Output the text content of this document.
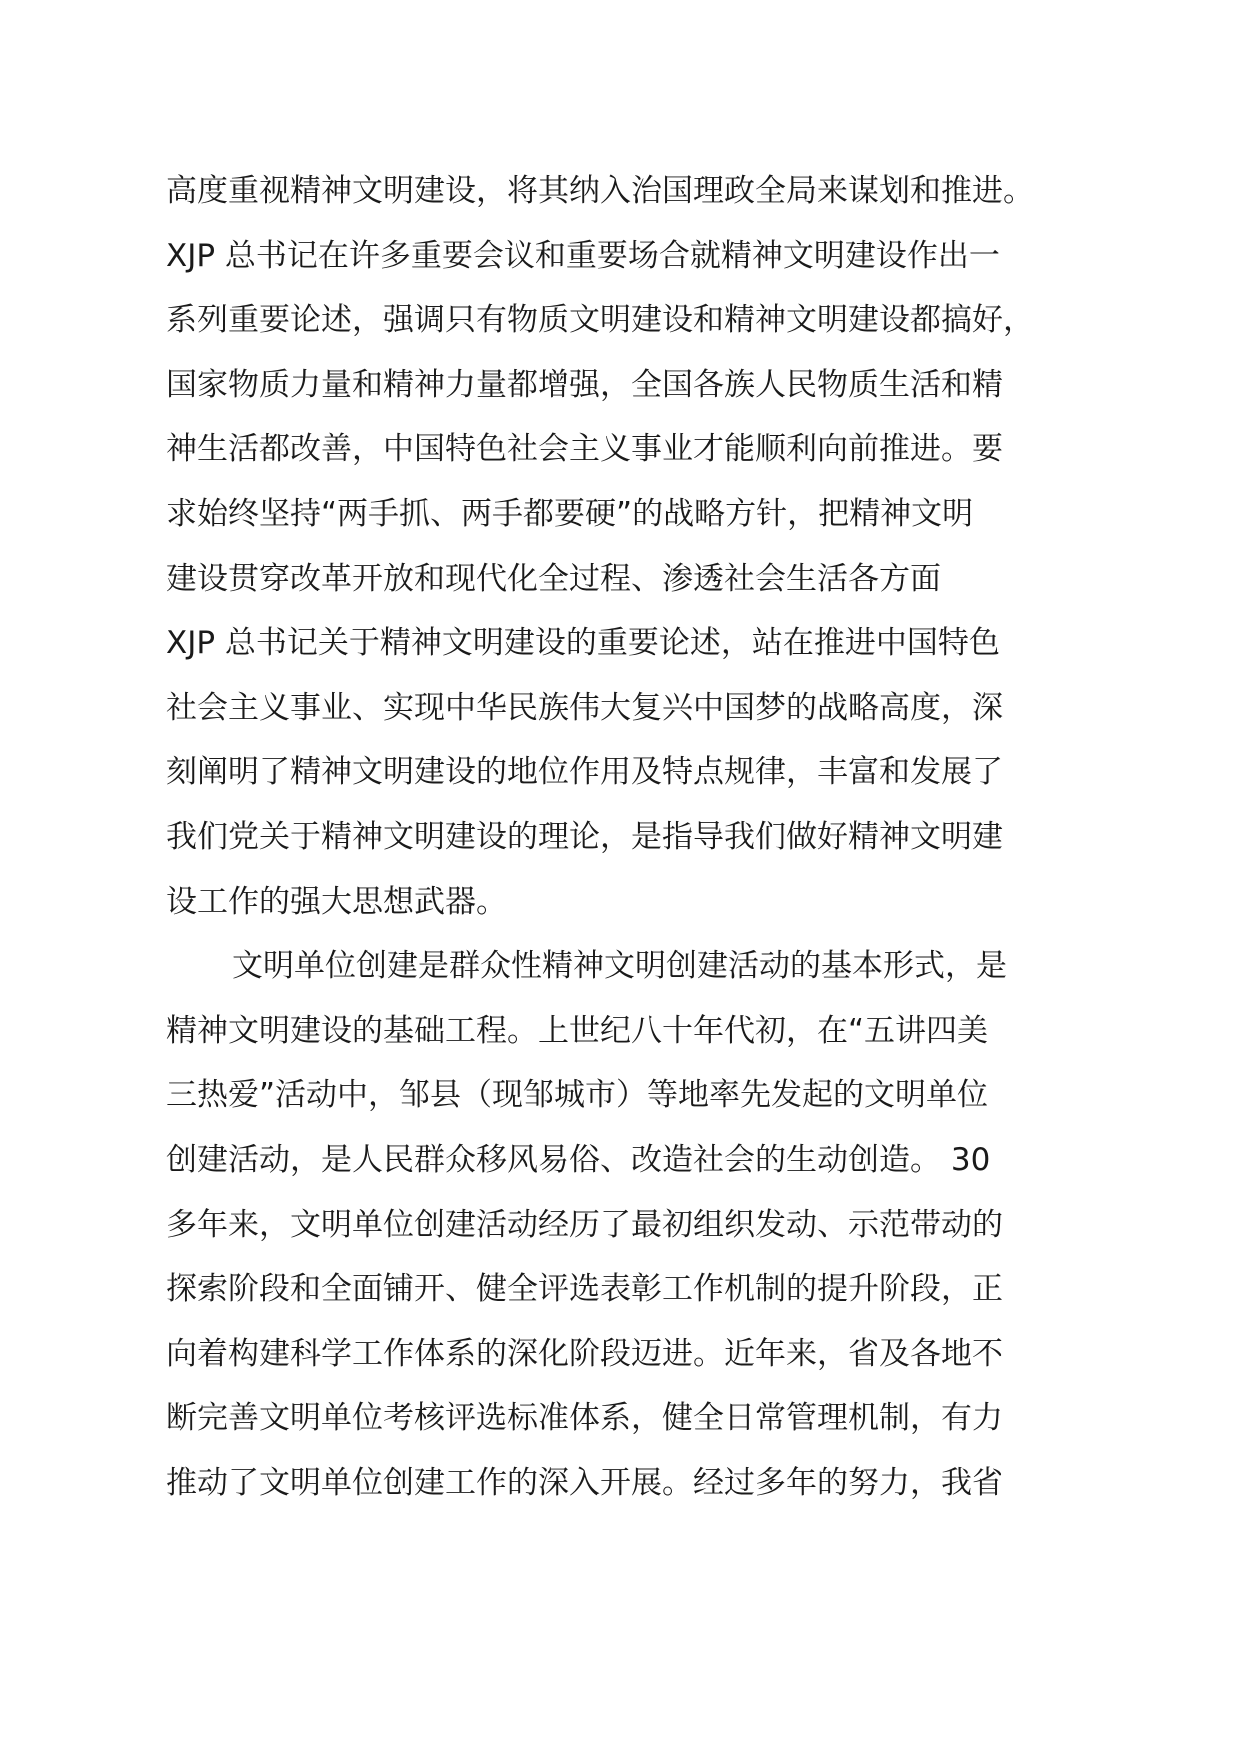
高度重视精神文明建设，将其纳入治国理政全局来谋划和推进。
XJP 总书记在许多重要会议和重要场合就精神文明建设作出一
系列重要论述，强调只有物质文明建设和精神文明建设都搞好，
国家物质力量和精神力量都增强，全国各族人民物质生活和精
神生活都改善，中国特色社会主义事业才能顺利向前推进。要
求始终坚持“两手抓、两手都要硬”的战略方针，把精神文明
建设贯穿改革开放和现代化全过程、渗透社会生活各方面
XJP 总书记关于精神文明建设的重要论述，站在推进中国特色
社会主义事业、实现中华民族伟大复兴中国梦的战略高度，深
刻阐明了精神文明建设的地位作用及特点规律，丰富和发展了
我们党关于精神文明建设的理论，是指导我们做好精神文明建
设工作的强大思想武器。
文明单位创建是群众性精神文明创建活动的基本形式，是
精神文明建设的基础工程。上世纪八十年代初，在“五讲四美
三热爱”活动中，邹县（现邹城市）等地率先发起的文明单位
创建活动，是人民群众移风易俗、改造社会的生动创造。 30
多年来，文明单位创建活动经历了最初组织发动、示范带动的
探索阶段和全面铺开、健全评选表彰工作机制的提升阶段，正
向着构建科学工作体系的深化阶段迈进。近年来，省及各地不
断完善文明单位考核评选标准体系，健全日常管理机制，有力
推动了文明单位创建工作的深入开展。经过多年的努力，我省
